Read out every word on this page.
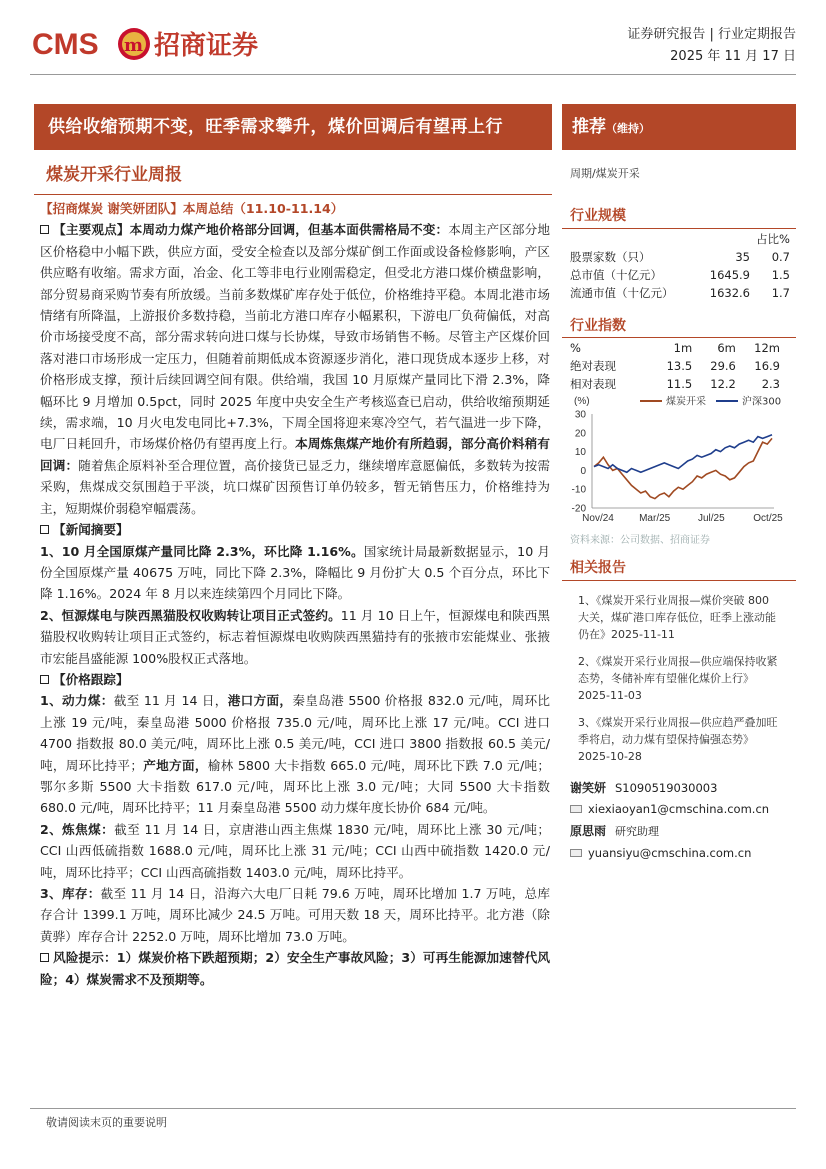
CMS m 招商证券	证券研究报告 | 行业定期报告
2025 年 11 月 17 日
供给收缩预期不变，旺季需求攀升，煤价回调后有望再上行	推荐（维持）
煤炭开采行业周报	周期/煤炭开采

【招商煤炭 谢笑妍团队】本周总结（11.10-11.14）

【主要观点】本周动力煤产地价格部分回调，但基本面供需格局不变：本周主产区部分地区价格稳中小幅下跌，供应方面，受安全检查以及部分煤矿倒工作面或设备检修影响，产区供应略有收缩。需求方面，冶金、化工等非电行业刚需稳定，但受北方港口煤价横盘影响，部分贸易商采购节奏有所放缓。当前多数煤矿库存处于低位，价格维持平稳。本周北港市场情绪有所降温，上游报价多数持稳，当前北方港口库存小幅累积，下游电厂负荷偏低，对高价市场接受度不高，部分需求转向进口煤与长协煤，导致市场销售不畅。尽管主产区煤价回落对港口市场形成一定压力，但随着前期低成本资源逐步消化，港口现货成本逐步上移，对价格形成支撑，预计后续回调空间有限。供给端，我国 10 月原煤产量同比下滑 2.3%，降幅环比 9 月增加 0.5pct，同时 2025 年度中央安全生产考核巡查已启动，供给收缩预期延续，需求端，10 月火电发电同比+7.3%，下周全国将迎来寒冷空气，若气温进一步下降，电厂日耗回升，市场煤价格仍有望再度上行。本周炼焦煤产地价有所趋弱，部分高价料稍有回调：随着焦企原料补至合理位置，高价接货已显乏力，继续增库意愿偏低，多数转为按需采购，焦煤成交氛围趋于平淡，坑口煤矿因预售订单仍较多，暂无销售压力，价格维持为主，短期煤价弱稳窄幅震荡。

【新闻摘要】

1、10 月全国原煤产量同比降 2.3%，环比降 1.16%。国家统计局最新数据显示，10 月份全国原煤产量 40675 万吨，同比下降 2.3%，降幅比 9 月份扩大 0.5 个百分点，环比下降 1.16%。2024 年 8 月以来连续第四个月同比下降。

2、恒源煤电与陕西黑猫股权收购转让项目正式签约。11 月 10 日上午，恒源煤电和陕西黑猫股权收购转让项目正式签约，标志着恒源煤电收购陕西黑猫持有的张掖市宏能煤业、张掖市宏能昌盛能源 100%股权正式落地。

【价格跟踪】

1、动力煤：截至 11 月 14 日，港口方面，秦皇岛港 5500 价格报 832.0 元/吨，周环比上涨 19 元/吨，秦皇岛港 5000 价格报 735.0 元/吨，周环比上涨 17 元/吨。CCI 进口 4700 指数报 80.0 美元/吨，周环比上涨 0.5 美元/吨，CCI 进口 3800 指数报 60.5 美元/吨，周环比持平；产地方面，榆林 5800 大卡指数 665.0 元/吨，周环比下跌 7.0 元/吨；鄂尔多斯 5500 大卡指数 617.0 元/吨，周环比上涨 3.0 元/吨；大同 5500 大卡指数 680.0 元/吨，周环比持平；11 月秦皇岛港 5500 动力煤年度长协价 684 元/吨。

2、炼焦煤：截至 11 月 14 日，京唐港山西主焦煤 1830 元/吨，周环比上涨 30 元/吨；CCI 山西低硫指数 1688.0 元/吨，周环比上涨 31 元/吨；CCI 山西中硫指数 1420.0 元/吨，周环比持平；CCI 山西高硫指数 1403.0 元/吨，周环比持平。

3、库存：截至 11 月 14 日，沿海六大电厂日耗 79.6 万吨，周环比增加 1.7 万吨，总库存合计 1399.1 万吨，周环比减少 24.5 万吨。可用天数 18 天，周环比持平。北方港（除黄骅）库存合计 2252.0 万吨，周环比增加 73.0 万吨。

风险提示：1）煤炭价格下跌超预期；2）安全生产事故风险；3）可再生能源加速替代风险；4）煤炭需求不及预期等。

行业规模
占比%
股票家数（只）	35	0.7
总市值（十亿元）	1645.9	1.5
流通市值（十亿元）	1632.6	1.7
行业指数
%	1m	6m	12m
绝对表现	13.5	29.6	16.9
相对表现	11.5	12.2	2.3
(%)
30
20
10
0
-10
-20
Nov/24	Mar/25	Jul/25	Oct/25
煤炭开采	沪深300
资料来源：公司数据、招商证券
相关报告
1、《煤炭开采行业周报—煤价突破 800 大关，煤矿港口库存低位，旺季上涨动能仍在》2025-11-11
2、《煤炭开采行业周报—供应端保持收紧态势，冬储补库有望催化煤价上行》2025-11-03
3、《煤炭开采行业周报—供应趋严叠加旺季将启，动力煤有望保持偏强态势》2025-10-28
谢笑妍 S1090519030003
xiexiaoyan1@cmschina.com.cn
原思雨 研究助理
yuansiyu@cmschina.com.cn
敬请阅读末页的重要说明
